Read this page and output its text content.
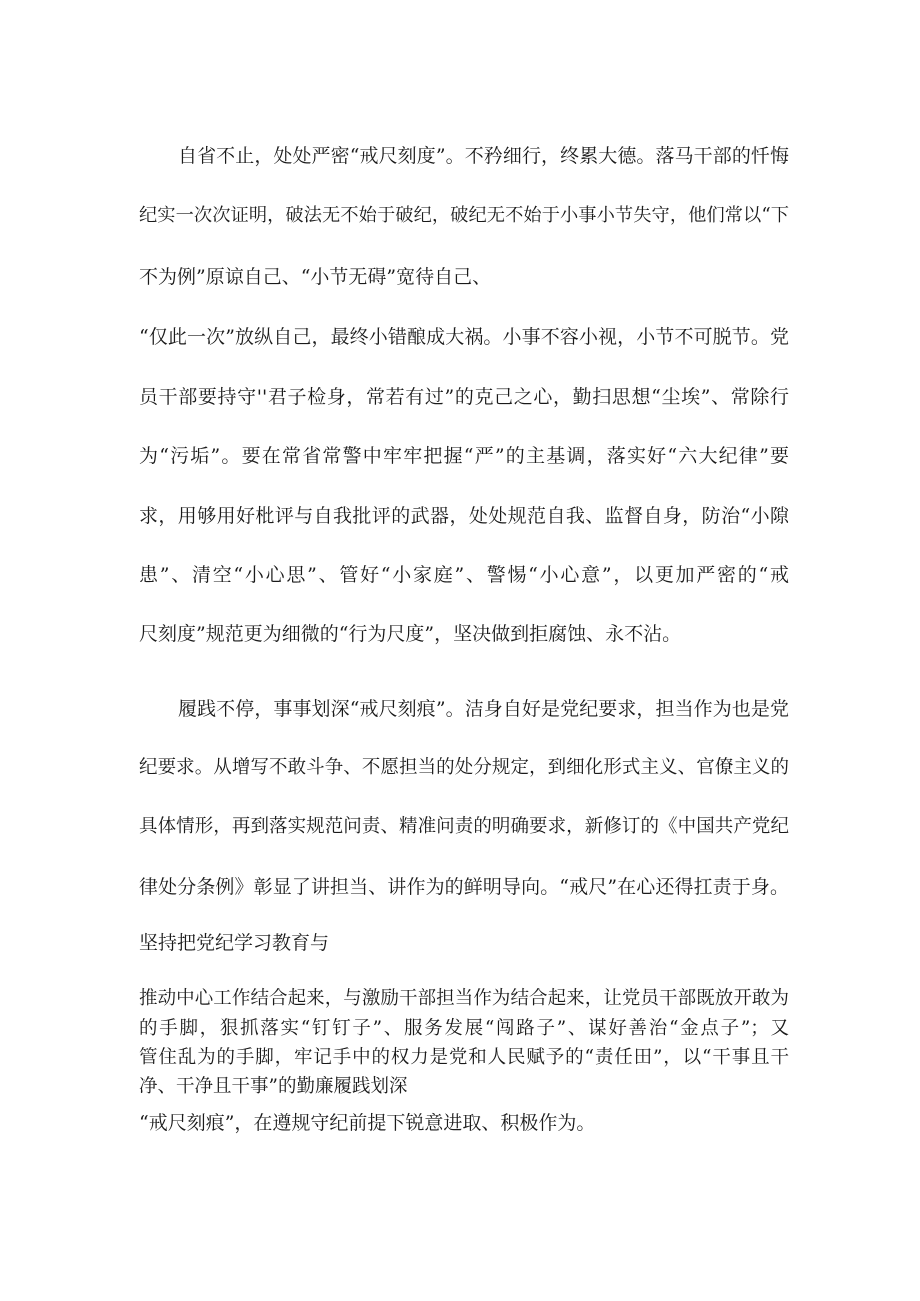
自省不止，处处严密“戒尺刻度”。不矜细行，终累大德。落马干部的忏悔
纪实一次次证明，破法无不始于破纪，破纪无不始于小事小节失守，他们常以“下
不为例”原谅自己、“小节无碍”宽待自己、
“仅此一次”放纵自己，最终小错酿成大祸。小事不容小视，小节不可脱节。党
员干部要持守''君子检身，常若有过”的克己之心，勤扫思想“尘埃”、常除行
为“污垢”。要在常省常警中牢牢把握“严”的主基调，落实好“六大纪律”要
求，用够用好枇评与自我批评的武器，处处规范自我、监督自身，防治“小隙
患”、清空“小心思”、管好“小家庭”、警惕“小心意”，以更加严密的“戒
尺刻度”规范更为细微的“行为尺度”，坚决做到拒腐蚀、永不沾。
履践不停，事事划深“戒尺刻痕”。洁身自好是党纪要求，担当作为也是党
纪要求。从增写不敢斗争、不愿担当的处分规定，到细化形式主义、官僚主义的
具体情形，再到落实规范问责、精准问责的明确要求，新修订的《中国共产党纪
律处分条例》彰显了讲担当、讲作为的鲜明导向。“戒尺”在心还得扛责于身。
坚持把党纪学习教育与
推动中心工作结合起来，与激励干部担当作为结合起来，让党员干部既放开敢为
的手脚，狠抓落实“钉钉子”、服务发展“闯路子”、谋好善治“金点子”；又
管住乱为的手脚，牢记手中的权力是党和人民赋予的“责任田”，以“干事且干
净、干净且干事”的勤廉履践划深
“戒尺刻痕”，在遵规守纪前提下锐意进取、积极作为。
